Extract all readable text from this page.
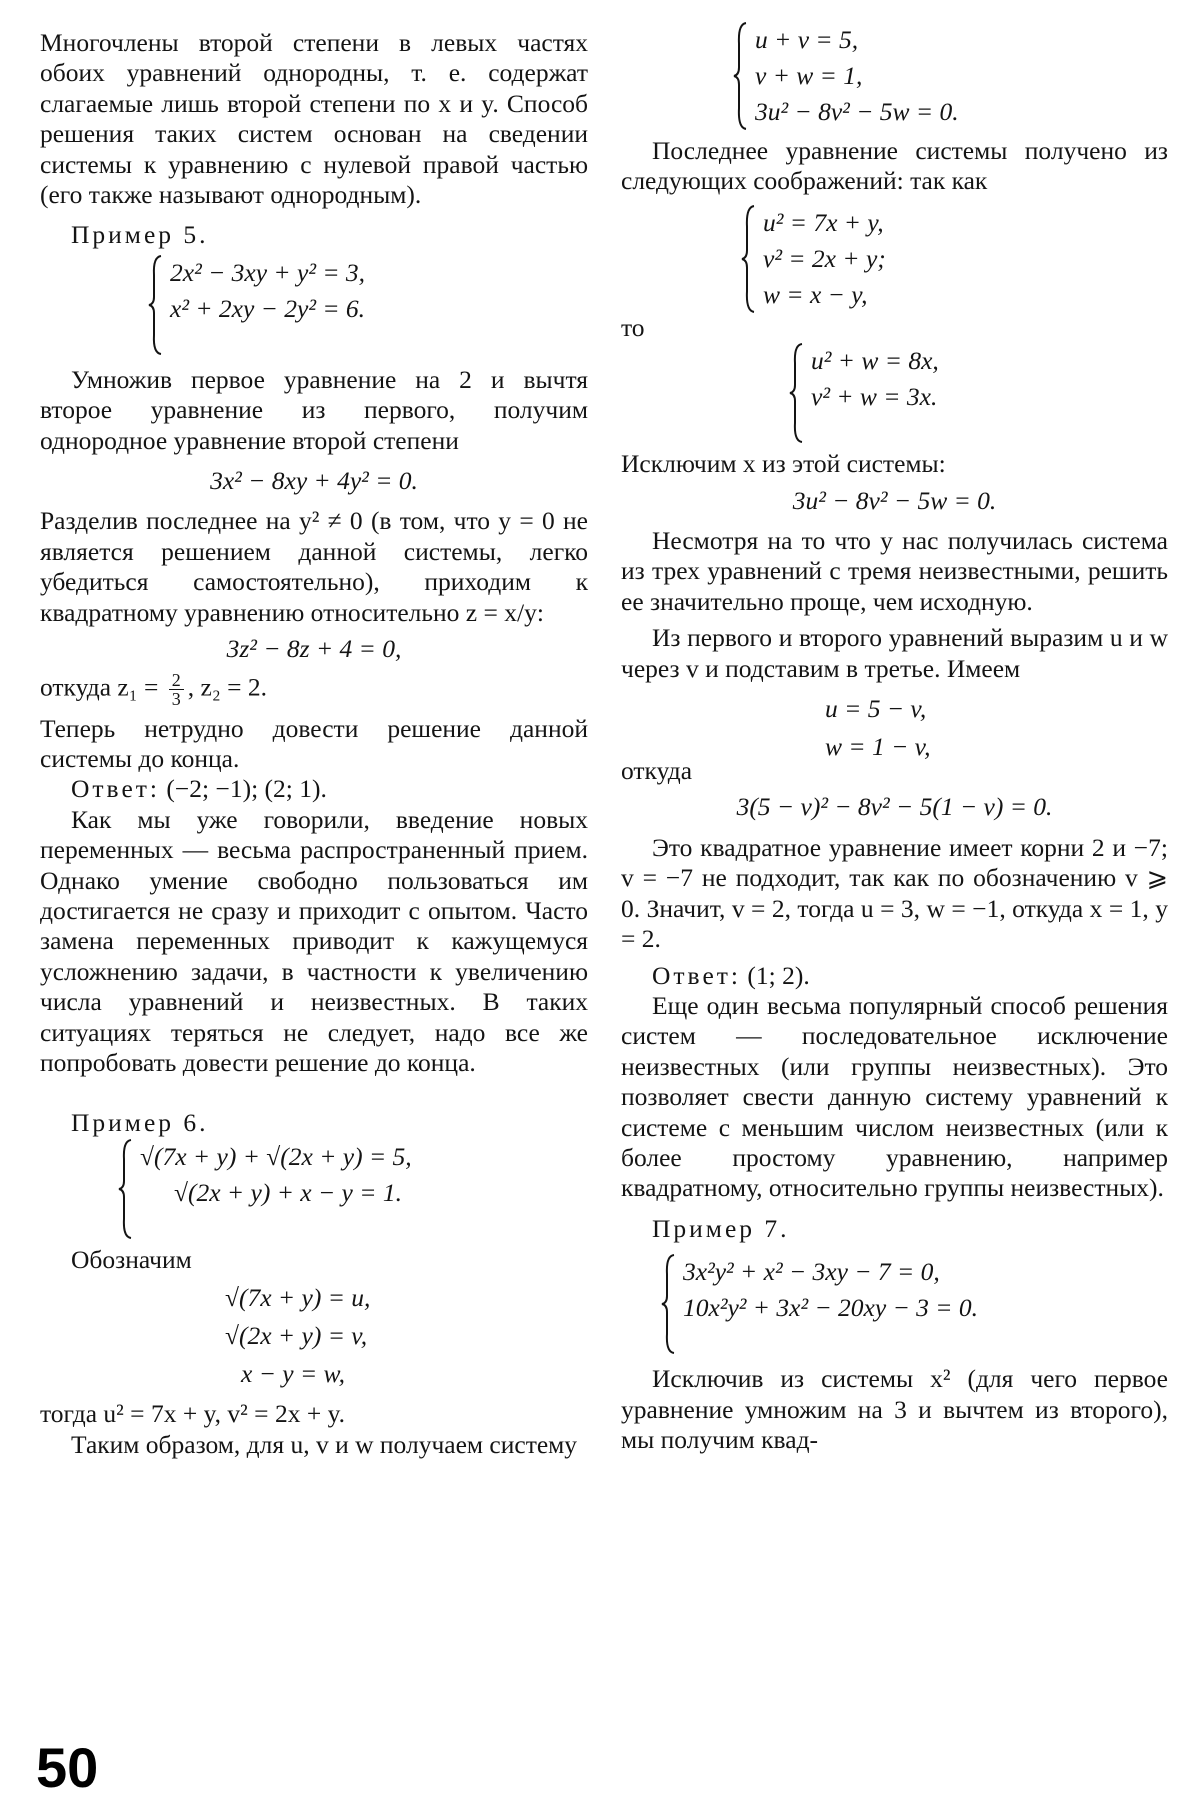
Многочлены второй степени в левых частях обоих уравнений однородны, т. е. содержат слагаемые лишь второй степени по x и y. Способ решения таких систем основан на сведении системы к уравнению с нулевой правой частью (его также называют однородным).

Пример 5.

2x² − 3xy + y² = 3,
x² + 2xy − 2y² = 6.

Умножив первое уравнение на 2 и вычтя второе уравнение из первого, получим однородное уравнение второй степени

3x² − 8xy + 4y² = 0.

Разделив последнее на y² ≠ 0 (в том, что y = 0 не является решением данной системы, легко убедиться самостоятельно), приходим к квадратному уравнению относительно z = x/y:

3z² − 8z + 4 = 0,

откуда $z_1 = \frac{2}{3}$ , z₂ = 2.

Теперь нетрудно довести решение данной системы до конца.

Ответ: (−2; −1); (2; 1).

Как мы уже говорили, введение новых переменных — весьма распространенный прием. Однако умение свободно пользоваться им достигается не сразу и приходит с опытом. Часто замена переменных приводит к кажущемуся усложнению задачи, в частности к увеличению числа уравнений и неизвестных. В таких ситуациях теряться не следует, надо все же попробовать довести решение до конца.

Пример 6.

√(7x + y) + √(2x + y) = 5,
√(2x + y) + x − y = 1.

Обозначим

√(7x + y) = u,
√(2x + y) = v,
x − y = w,

тогда u² = 7x + y, v² = 2x + y.

Таким образом, для u, v и w получаем систему

u + v = 5,
v + w = 1,
3u² − 8v² − 5w = 0.

Последнее уравнение системы получено из следующих соображений: так как

u² = 7x + y,
v² = 2x + y;
w = x − y,

то

u² + w = 8x,
v² + w = 3x.

Исключим x из этой системы:

3u² − 8v² − 5w = 0.

Несмотря на то что у нас получилась система из трех уравнений с тремя неизвестными, решить ее значительно проще, чем исходную.

Из первого и второго уравнений выразим u и w через v и подставим в третье. Имеем

u = 5 − v,
w = 1 − v,

откуда

3(5 − v)² − 8v² − 5(1 − v) = 0.

Это квадратное уравнение имеет корни 2 и −7; v = −7 не подходит, так как по обозначению v ⩾ 0. Значит, v = 2, тогда u = 3, w = −1, откуда x = 1, y = 2.

Ответ: (1; 2).

Еще один весьма популярный способ решения систем — последовательное исключение неизвестных (или группы неизвестных). Это позволяет свести данную систему уравнений к системе с меньшим числом неизвестных (или к более простому уравнению, например квадратному, относительно группы неизвестных).

Пример 7.

3x²y² + x² − 3xy − 7 = 0,
10x²y² + 3x² − 20xy − 3 = 0.

Исключив из системы x² (для чего первое уравнение умножим на 3 и вычтем из второго), мы получим квад-

50
